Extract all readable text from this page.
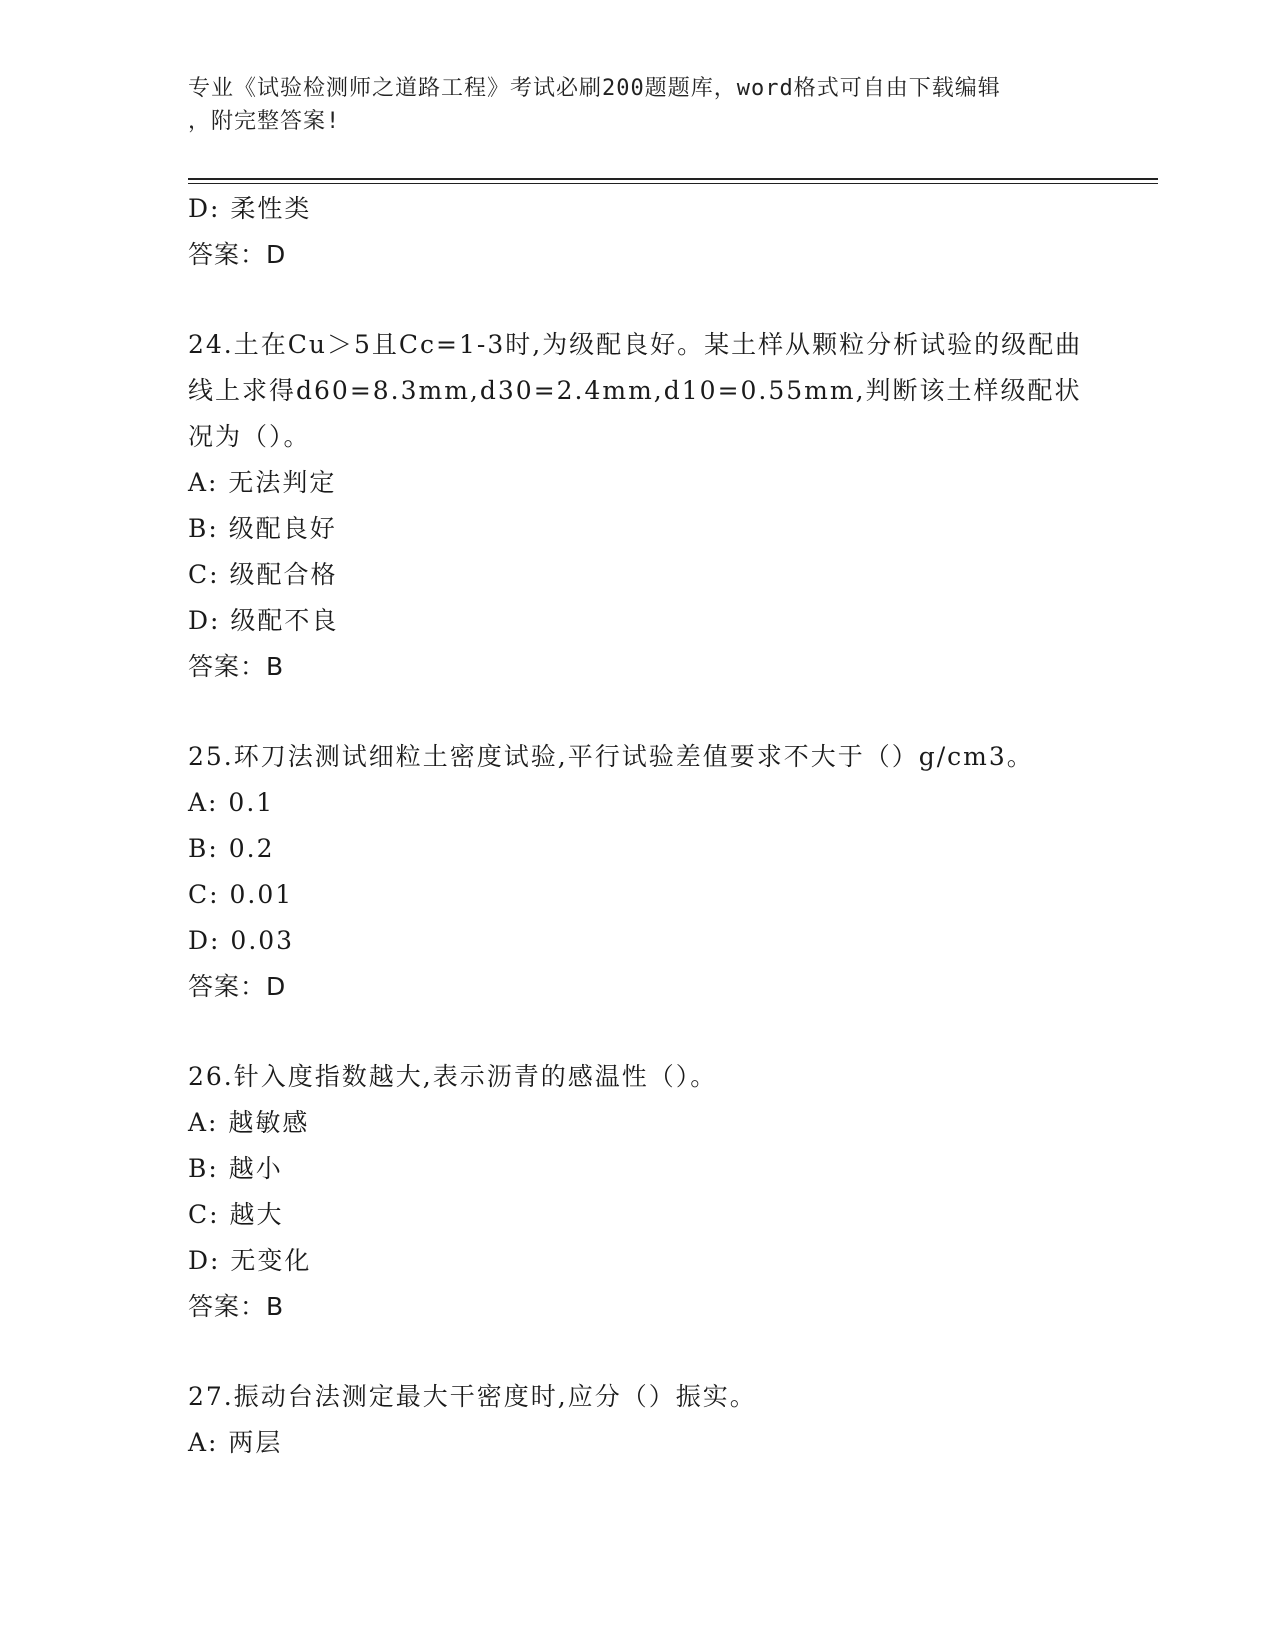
专业《试验检测师之道路工程》考试必刷200题题库，word格式可自由下载编辑
，附完整答案!
D: 柔性类
答案：D
24.土在Cu＞5且Cc=1-3时,为级配良好。某土样从颗粒分析试验的级配曲线上求得d60=8.3mm,d30=2.4mm,d10=0.55mm,判断该土样级配状况为（）。
A: 无法判定
B: 级配良好
C: 级配合格
D: 级配不良
答案：B
25.环刀法测试细粒土密度试验,平行试验差值要求不大于（）g/cm3。
A: 0.1
B: 0.2
C: 0.01
D: 0.03
答案：D
26.针入度指数越大,表示沥青的感温性（）。
A: 越敏感
B: 越小
C: 越大
D: 无变化
答案：B
27.振动台法测定最大干密度时,应分（）振实。
A: 两层
